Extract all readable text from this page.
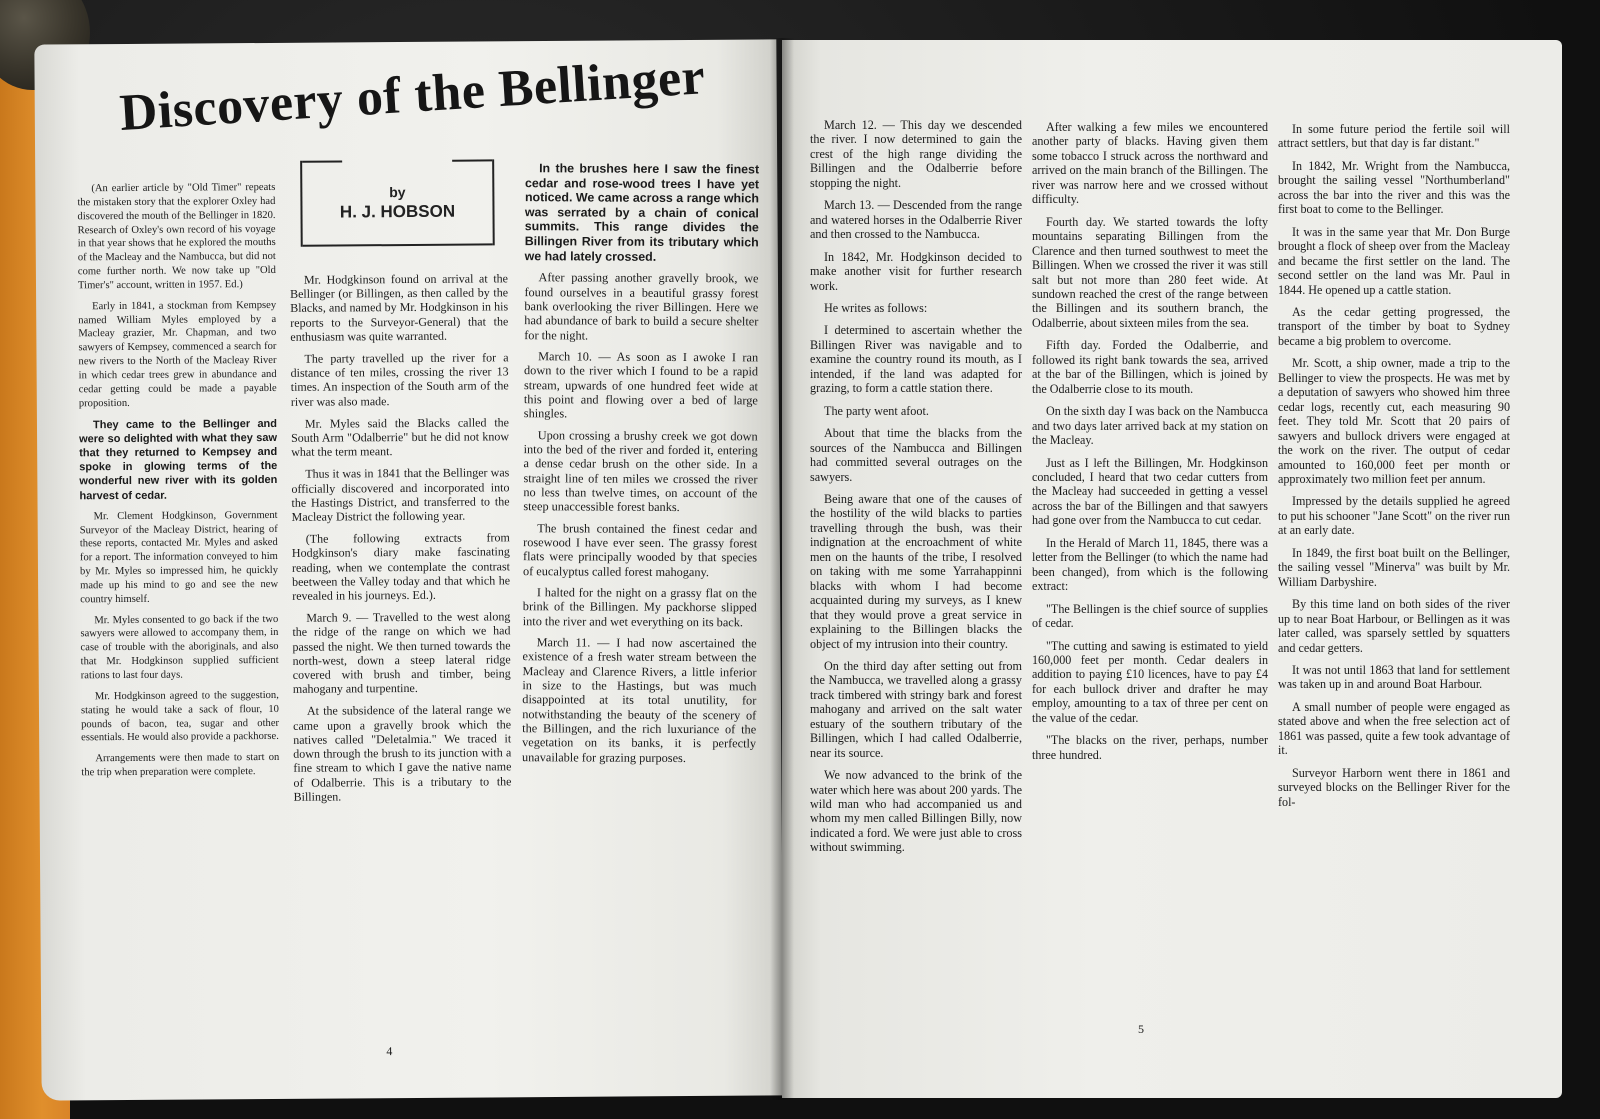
Discovery of the Bellinger
by
H. J. HOBSON

(An earlier article by "Old Timer" repeats the mistaken story that the explorer Oxley had discovered the mouth of the Bellinger in 1820. Research of Oxley's own record of his voyage in that year shows that he explored the mouths of the Macleay and the Nambucca, but did not come further north. We now take up "Old Timer's" account, written in 1957. Ed.)

Early in 1841, a stockman from Kempsey named William Myles employed by a Macleay grazier, Mr. Chapman, and two sawyers of Kempsey, commenced a search for new rivers to the North of the Macleay River in which cedar trees grew in abundance and cedar getting could be made a payable proposition.

They came to the Bellinger and were so delighted with what they saw that they returned to Kempsey and spoke in glowing terms of the wonderful new river with its golden harvest of cedar.

Mr. Clement Hodgkinson, Government Surveyor of the Macleay District, hearing of these reports, contacted Mr. Myles and asked for a report. The information conveyed to him by Mr. Myles so impressed him, he quickly made up his mind to go and see the new country himself.

Mr. Myles consented to go back if the two sawyers were allowed to accompany them, in case of trouble with the aboriginals, and also that Mr. Hodgkinson supplied sufficient rations to last four days.

Mr. Hodgkinson agreed to the suggestion, stating he would take a sack of flour, 10 pounds of bacon, tea, sugar and other essentials. He would also provide a packhorse.

Arrangements were then made to start on the trip when preparation were complete.

Mr. Hodgkinson found on arrival at the Bellinger (or Billingen, as then called by the Blacks, and named by Mr. Hodgkinson in his reports to the Surveyor-General) that the enthusiasm was quite warranted.

The party travelled up the river for a distance of ten miles, crossing the river 13 times. An inspection of the South arm of the river was also made.

Mr. Myles said the Blacks called the South Arm "Odalberrie" but he did not know what the term meant.

Thus it was in 1841 that the Bellinger was officially discovered and incorporated into the Hastings District, and transferred to the Macleay District the following year.

(The following extracts from Hodgkinson's diary make fascinating reading, when we contemplate the contrast beetween the Valley today and that which he revealed in his journeys. Ed.).

March 9. — Travelled to the west along the ridge of the range on which we had passed the night. We then turned towards the north-west, down a steep lateral ridge covered with brush and timber, being mahogany and turpentine.

At the subsidence of the lateral range we came upon a gravelly brook which the natives called "Deletalmia." We traced it down through the brush to its junction with a fine stream to which I gave the native name of Odalberrie. This is a tributary to the Billingen.

In the brushes here I saw the finest cedar and rose-wood trees I have yet noticed. We came across a range which was serrated by a chain of conical summits. This range divides the Billingen River from its tributary which we had lately crossed.

After passing another gravelly brook, we found ourselves in a beautiful grassy forest bank overlooking the river Billingen. Here we had abundance of bark to build a secure shelter for the night.

March 10. — As soon as I awoke I ran down to the river which I found to be a rapid stream, upwards of one hundred feet wide at this point and flowing over a bed of large shingles.

Upon crossing a brushy creek we got down into the bed of the river and forded it, entering a dense cedar brush on the other side. In a straight line of ten miles we crossed the river no less than twelve times, on account of the steep unaccessible forest banks.

The brush contained the finest cedar and rosewood I have ever seen. The grassy forest flats were principally wooded by that species of eucalyptus called forest mahogany.

I halted for the night on a grassy flat on the brink of the Billingen. My packhorse slipped into the river and wet everything on its back.

March 11. — I had now ascertained the existence of a fresh water stream between the Macleay and Clarence Rivers, a little inferior in size to the Hastings, but was much disappointed at its total unutility, for notwithstanding the beauty of the scenery of the Billingen, and the rich luxuriance of the vegetation on its banks, it is perfectly unavailable for grazing purposes.

4

March 12. — This day we descended the river. I now determined to gain the crest of the high range dividing the Billingen and the Odalberrie before stopping the night.

March 13. — Descended from the range and watered horses in the Odalberrie River and then crossed to the Nambucca.

In 1842, Mr. Hodgkinson decided to make another visit for further research work.

He writes as follows:

I determined to ascertain whether the Billingen River was navigable and to examine the country round its mouth, as I intended, if the land was adapted for grazing, to form a cattle station there.

The party went afoot.

About that time the blacks from the sources of the Nambucca and Billingen had committed several outrages on the sawyers.

Being aware that one of the causes of the hostility of the wild blacks to parties travelling through the bush, was their indignation at the encroachment of white men on the haunts of the tribe, I resolved on taking with me some Yarrahappinni blacks with whom I had become acquainted during my surveys, as I knew that they would prove a great service in explaining to the Billingen blacks the object of my intrusion into their country.

On the third day after setting out from the Nambucca, we travelled along a grassy track timbered with stringy bark and forest mahogany and arrived on the salt water estuary of the southern tributary of the Billingen, which I had called Odalberrie, near its source.

We now advanced to the brink of the water which here was about 200 yards. The wild man who had accompanied us and whom my men called Billingen Billy, now indicated a ford. We were just able to cross without swimming.

After walking a few miles we encountered another party of blacks. Having given them some tobacco I struck across the northward and arrived on the main branch of the Billingen. The river was narrow here and we crossed without difficulty.

Fourth day. We started towards the lofty mountains separating Billingen from the Clarence and then turned southwest to meet the Billingen. When we crossed the river it was still salt but not more than 280 feet wide. At sundown reached the crest of the range between the Billingen and its southern branch, the Odalberrie, about sixteen miles from the sea.

Fifth day. Forded the Odalberrie, and followed its right bank towards the sea, arrived at the bar of the Billingen, which is joined by the Odalberrie close to its mouth.

On the sixth day I was back on the Nambucca and two days later arrived back at my station on the Macleay.

Just as I left the Billingen, Mr. Hodgkinson concluded, I heard that two cedar cutters from the Macleay had succeeded in getting a vessel across the bar of the Billingen and that sawyers had gone over from the Nambucca to cut cedar.

In the Herald of March 11, 1845, there was a letter from the Bellinger (to which the name had been changed), from which is the following extract:

"The Bellingen is the chief source of supplies of cedar.

"The cutting and sawing is estimated to yield 160,000 feet per month. Cedar dealers in addition to paying £10 licences, have to pay £4 for each bullock driver and drafter he may employ, amounting to a tax of three per cent on the value of the cedar.

"The blacks on the river, perhaps, number three hundred.

In some future period the fertile soil will attract settlers, but that day is far distant."

In 1842, Mr. Wright from the Nambucca, brought the sailing vessel "Northumberland" across the bar into the river and this was the first boat to come to the Bellinger.

It was in the same year that Mr. Don Burge brought a flock of sheep over from the Macleay and became the first settler on the land. The second settler on the land was Mr. Paul in 1844. He opened up a cattle station.

As the cedar getting progressed, the transport of the timber by boat to Sydney became a big problem to overcome.

Mr. Scott, a ship owner, made a trip to the Bellinger to view the prospects. He was met by a deputation of sawyers who showed him three cedar logs, recently cut, each measuring 90 feet. They told Mr. Scott that 20 pairs of sawyers and bullock drivers were engaged at the work on the river. The output of cedar amounted to 160,000 feet per month or approximately two million feet per annum.

Impressed by the details supplied he agreed to put his schooner "Jane Scott" on the river run at an early date.

In 1849, the first boat built on the Bellinger, the sailing vessel "Minerva" was built by Mr. William Darbyshire.

By this time land on both sides of the river up to near Boat Harbour, or Bellingen as it was later called, was sparsely settled by squatters and cedar getters.

It was not until 1863 that land for settlement was taken up in and around Boat Harbour.

A small number of people were engaged as stated above and when the free selection act of 1861 was passed, quite a few took advantage of it.

Surveyor Harborn went there in 1861 and surveyed blocks on the Bellinger River for the fol-

5
